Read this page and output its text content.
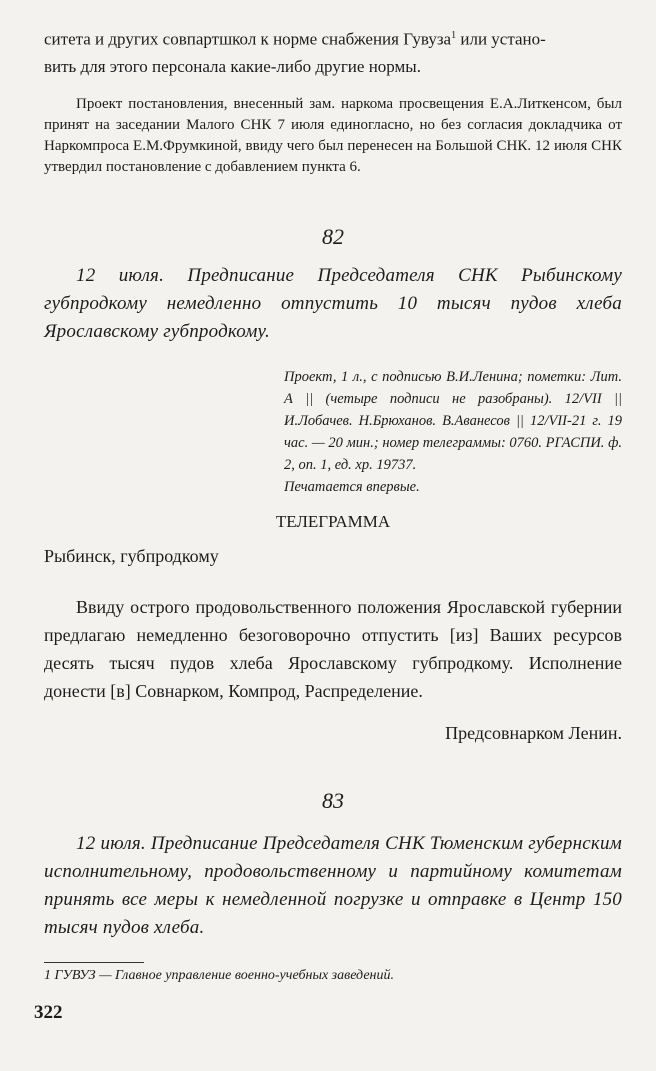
ситета и других совпартшкол к норме снабжения Гувуза$^1$ или устано-
вить для этого персонала какие-либо другие нормы.

Проект постановления, внесенный зам. наркома просвещения Е.А.Литкенсом, был принят на заседании Малого СНК 7 июля единогласно, но без согласия докладчика от Наркомпроса Е.М.Фрумкиной, ввиду чего был перенесен на Большой СНК. 12 июля СНК утвердил постановление с добавлением пункта 6.

82

12 июля. Предписание Председателя СНК Рыбинскому губпродкому немедленно отпустить 10 тысяч пудов хлеба Ярославскому губпродкому.

Проект, 1 л., с подписью В.И.Ленина; пометки: Лит. А || (четыре подписи не разобраны). 12/VII || И.Лобачев. Н.Брюханов. В.Аванесов || 12/VII-21 г. 19 час. — 20 мин.; номер телеграммы: 0760. РГАСПИ. ф. 2, оп. 1, ед. хр. 19737.
Печатается впервые.
ТЕЛЕГРАММА
Рыбинск, губпродкому

Ввиду острого продовольственного положения Ярославской губернии предлагаю немедленно безоговорочно отпустить [из] Ваших ресурсов десять тысяч пудов хлеба Ярославскому губпродкому. Исполнение донести [в] Совнарком, Компрод, Распределение.

Предсовнарком Ленин.
83

12 июля. Предписание Председателя СНК Тюменским губернским исполнительному, продовольственному и партийному комитетам принять все меры к немедленной погрузке и отправке в Центр 150 тысяч пудов хлеба.

1 ГУВУЗ — Главное управление военно-учебных заведений.
322
